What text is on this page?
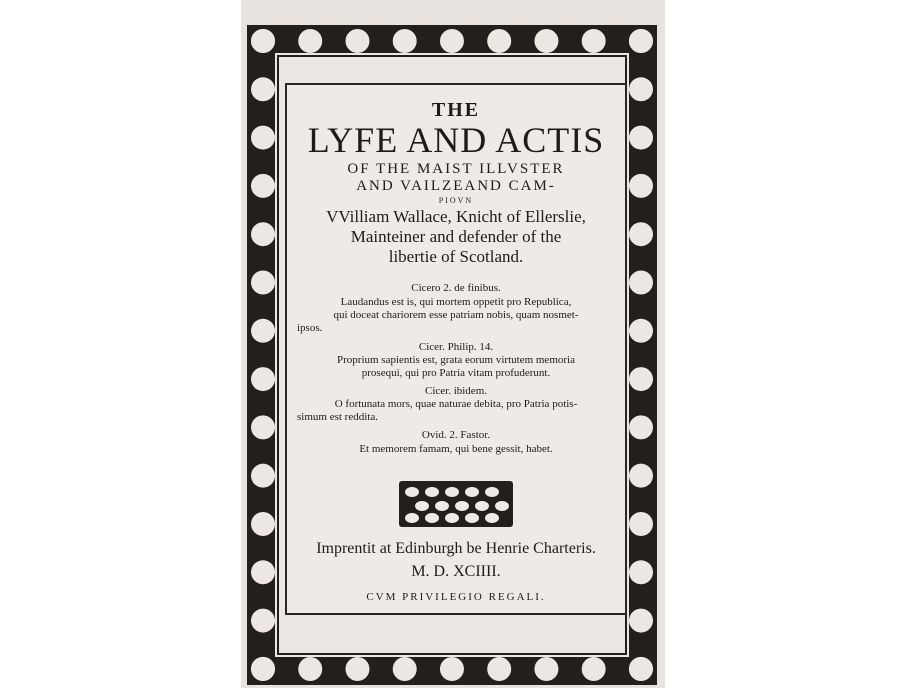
THE
LYFE AND ACTIS
OF THE MAIST ILLVSTER
AND VAILZEAND CAM-
PIOVN
VVilliam Wallace, Knicht of Ellerslie,
Mainteiner and defender of the
libertie of Scotland.
Cicero 2. de finibus.
Laudandus est is, qui mortem oppetit pro Republica,
qui doceat chariorem esse patriam nobis, quam nosmet-
ipsos.
Cicer. Philip. 14.
Proprium sapientis est, grata eorum virtutem memoria
prosequi, qui pro Patria vitam profuderunt.
Cicer. ibidem.
O fortunata mors, quae naturae debita, pro Patria potis-
simum est reddita.
Ovid. 2. Fastor.
Et memorem famam, qui bene gessit, habet.
Imprentit at Edinburgh be Henrie Charteris.
M. D. XCIIII.
CVM PRIVILEGIO REGALI.
